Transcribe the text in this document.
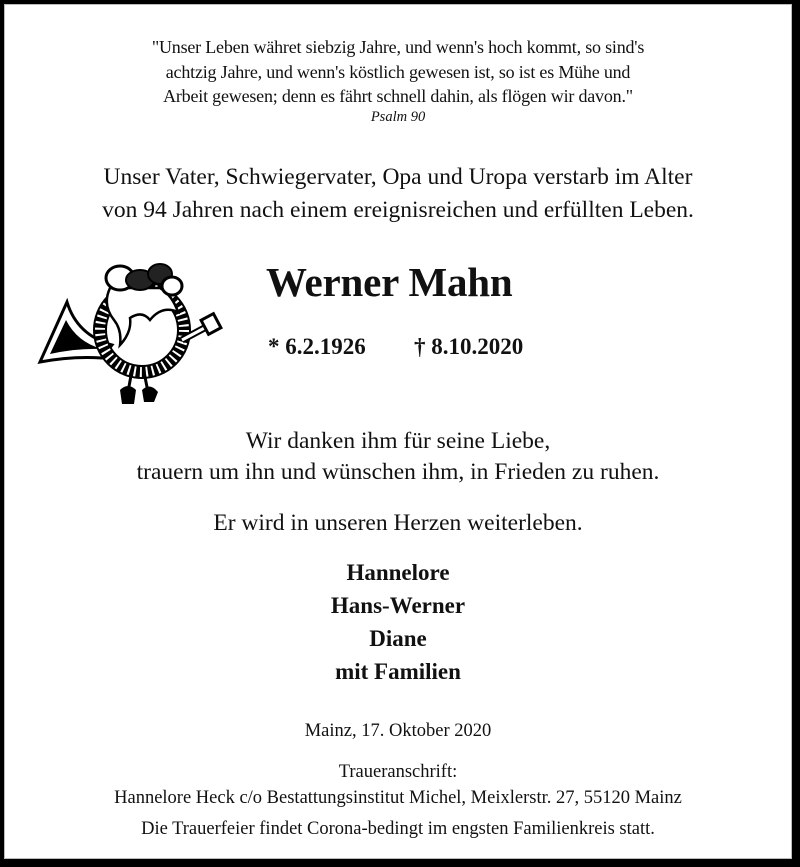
"Unser Leben währet siebzig Jahre, und wenn's hoch kommt, so sind's
achtzig Jahre, und wenn's köstlich gewesen ist, so ist es Mühe und
Arbeit gewesen; denn es fährt schnell dahin, als flögen wir davon."
Psalm 90
Unser Vater, Schwiegervater, Opa und Uropa verstarb im Alter
von 94 Jahren nach einem ereignisreichen und erfüllten Leben.
Werner Mahn
* 6.2.1926 † 8.10.2020
Wir danken ihm für seine Liebe,
trauern um ihn und wünschen ihm, in Frieden zu ruhen.
Er wird in unseren Herzen weiterleben.
Hannelore
Hans-Werner
Diane
mit Familien
Mainz, 17. Oktober 2020
Traueranschrift:
Hannelore Heck c/o Bestattungsinstitut Michel, Meixlerstr. 27, 55120 Mainz
Die Trauerfeier findet Corona-bedingt im engsten Familienkreis statt.
